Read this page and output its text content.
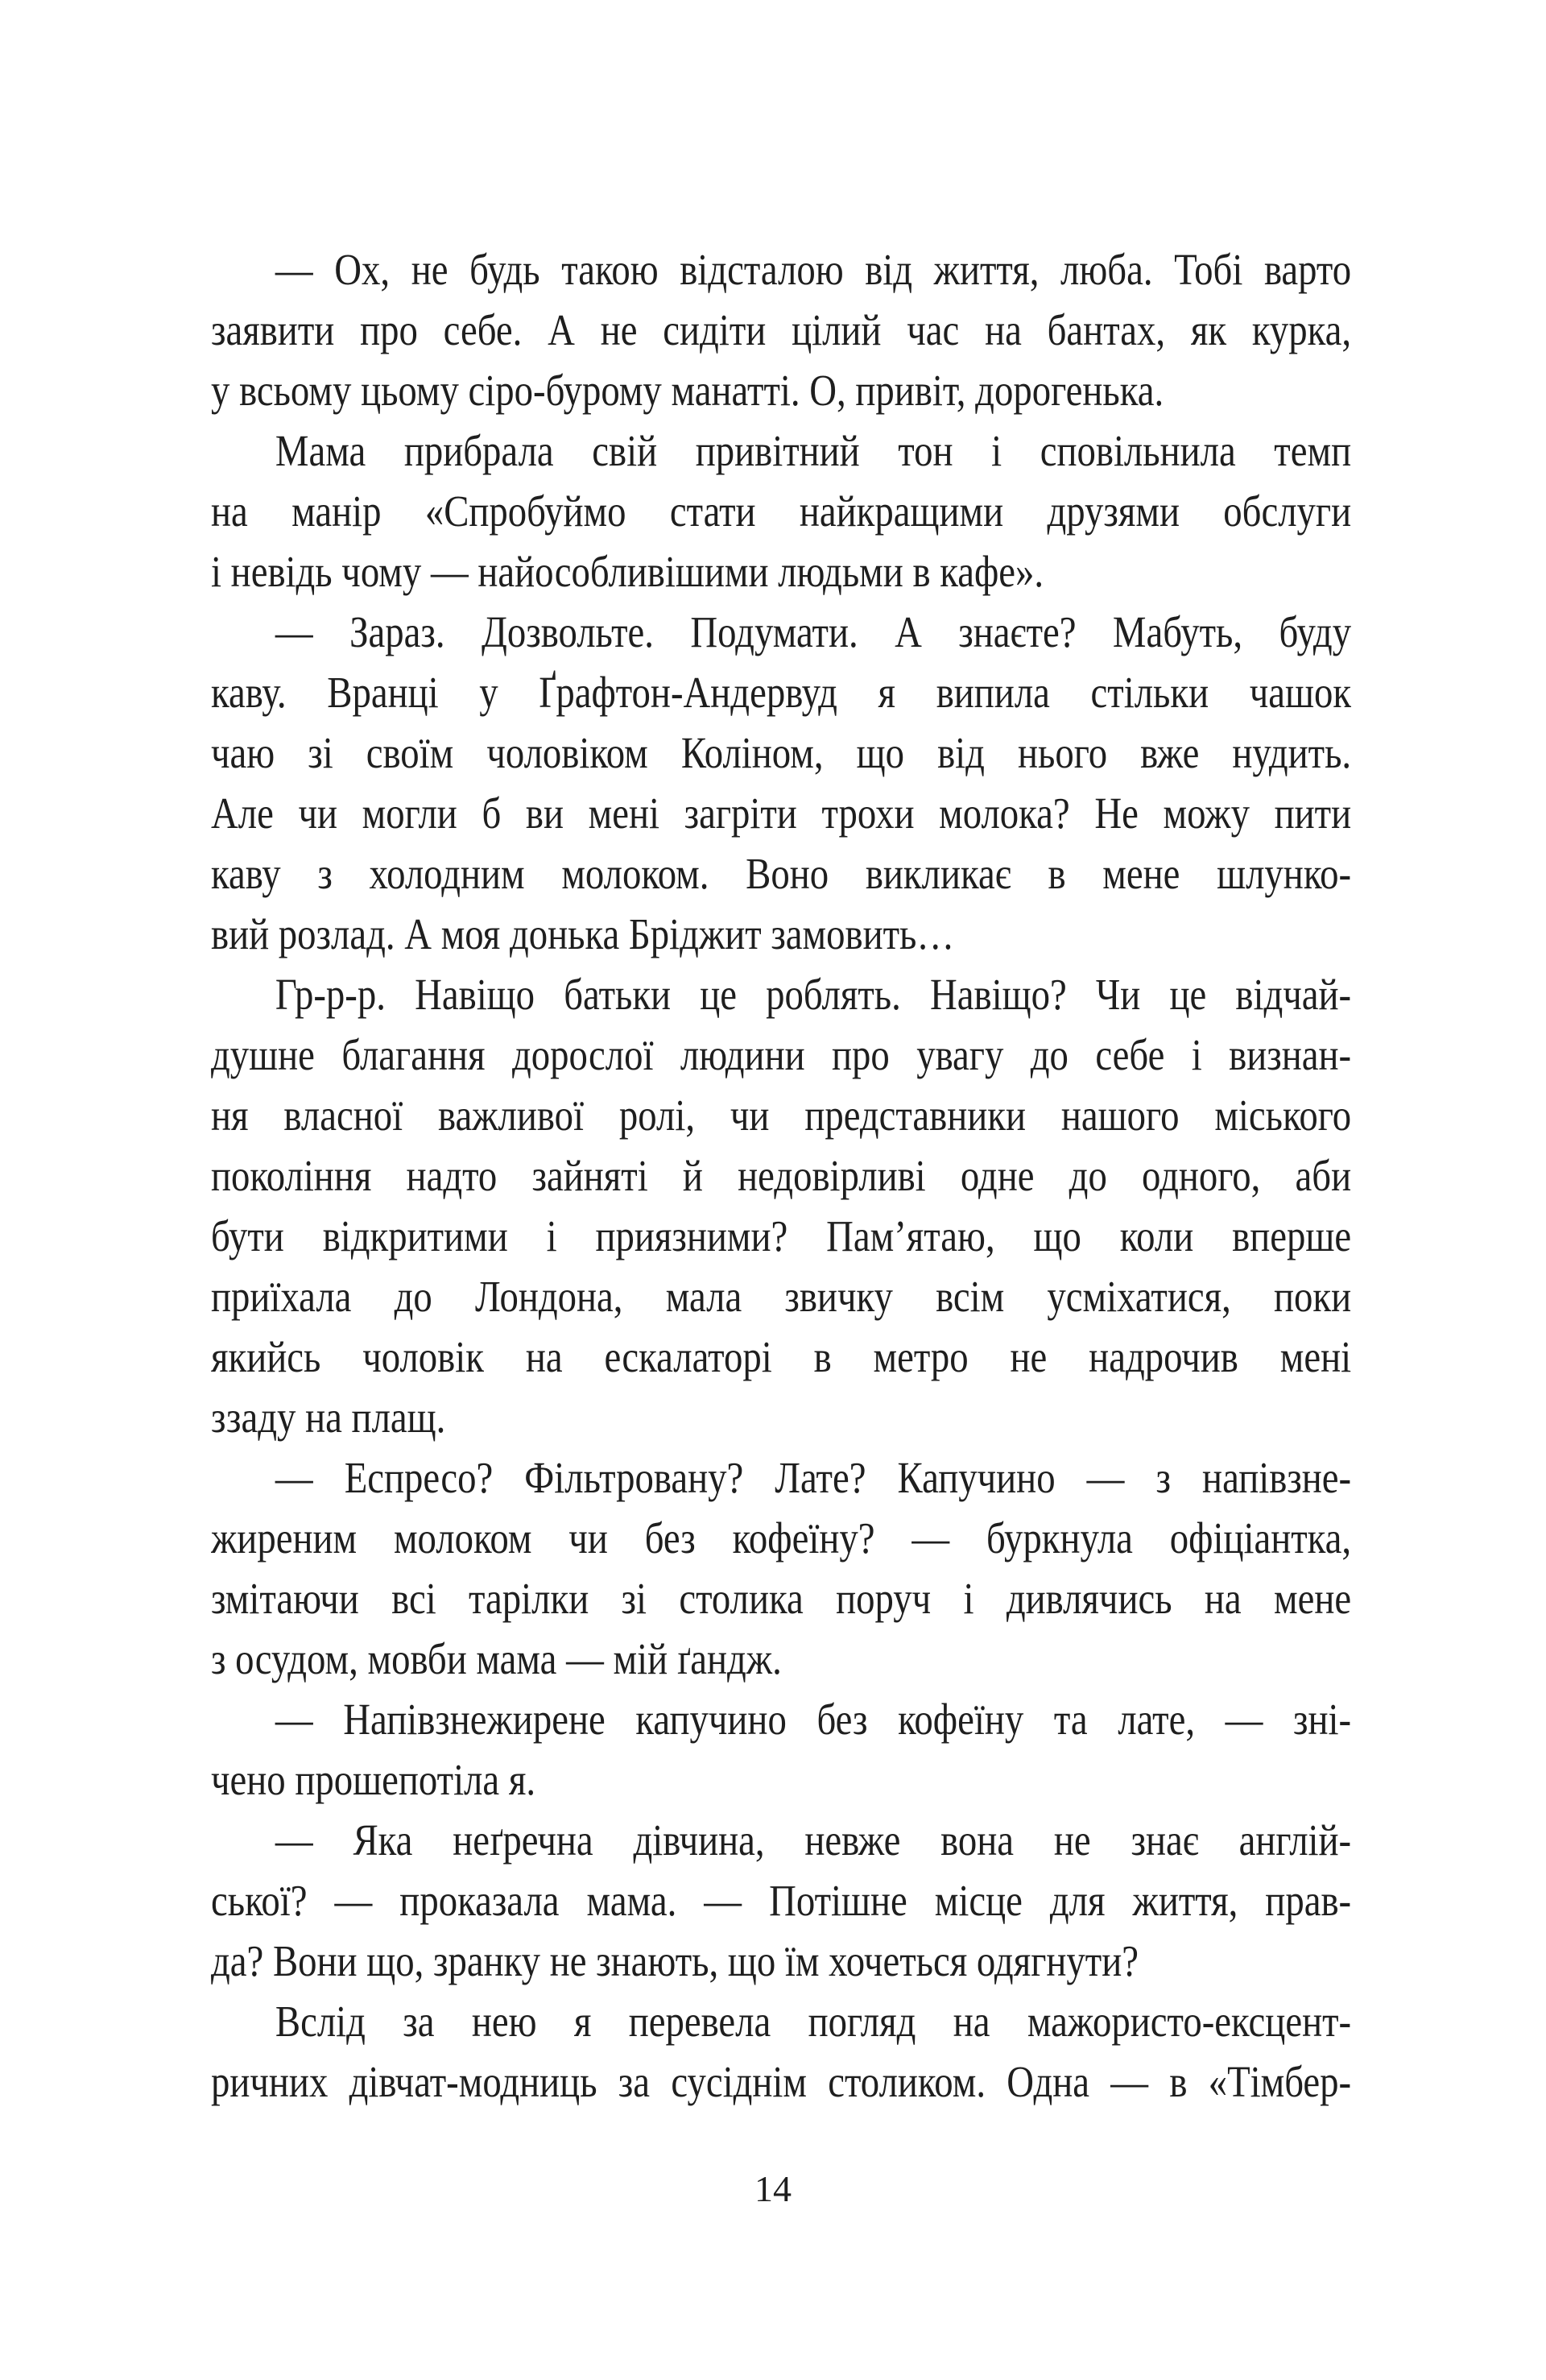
— Ох, не будь такою відсталою від життя, люба. Тобі варто
заявити про себе. А не сидіти цілий час на бантах, як курка,
у всьому цьому сіро-бурому манатті. О, привіт, дорогенька.
Мама прибрала свій привітний тон і сповільнила темп
на манір «Спробуймо стати найкращими друзями обслуги
і невідь чому — найособливішими людьми в кафе».
— Зараз. Дозвольте. Подумати. А знаєте? Мабуть, буду
каву. Вранці у Ґрафтон-Андервуд я випила стільки чашок
чаю зі своїм чоловіком Коліном, що від нього вже нудить.
Але чи могли б ви мені загріти трохи молока? Не можу пити
каву з холодним молоком. Воно викликає в мене шлунко-
вий розлад. А моя донька Бріджит замовить…
Гр-р-р. Навіщо батьки це роблять. Навіщо? Чи це відчай-
душне благання дорослої людини про увагу до себе і визнан-
ня власної важливої ролі, чи представники нашого міського
покоління надто зайняті й недовірливі одне до одного, аби
бути відкритими і приязними? Пам’ятаю, що коли вперше
приїхала до Лондона, мала звичку всім усміхатися, поки
якийсь чоловік на ескалаторі в метро не надрочив мені
ззаду на плащ.
— Еспресо? Фільтровану? Лате? Капучино — з напівзне-
жиреним молоком чи без кофеїну? — буркнула офіціантка,
змітаючи всі тарілки зі столика поруч і дивлячись на мене
з осудом, мовби мама — мій ґандж.
— Напівзнежирене капучино без кофеїну та лате, — зні-
чено прошепотіла я.
— Яка неґречна дівчина, невже вона не знає англій-
ської? — проказала мама. — Потішне місце для життя, прав-
да? Вони що, зранку не знають, що їм хочеться одягнути?
Вслід за нею я перевела погляд на мажористо-ексцент-
ричних дівчат-модниць за сусіднім столиком. Одна — в «Тімбер-
14
